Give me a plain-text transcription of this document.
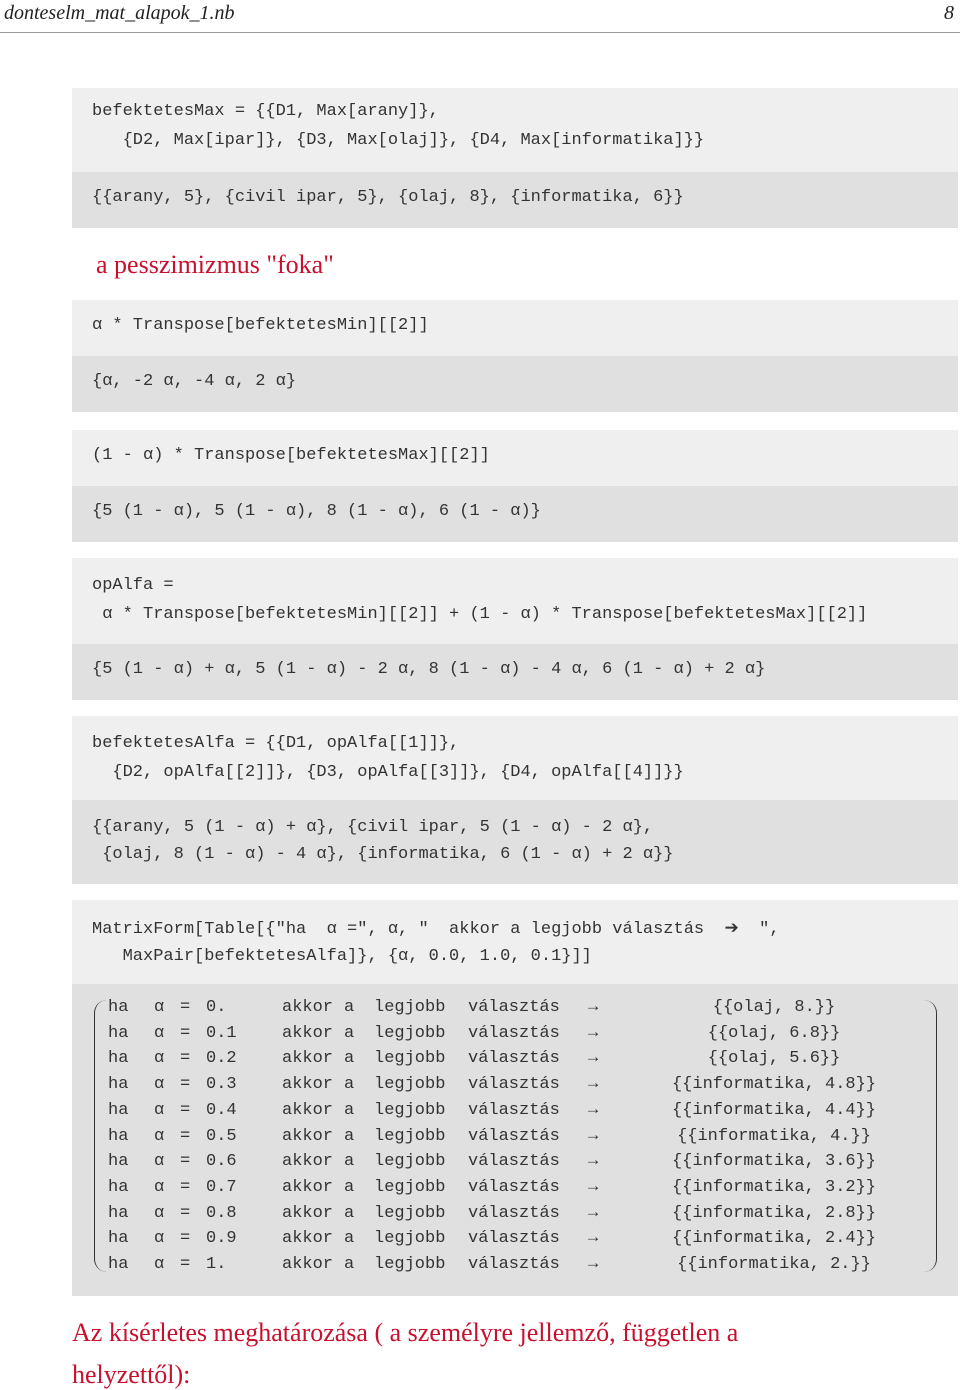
donteselm_mat_alapok_1.nb	8

befektetesMax = {{D1, Max[arany]},

{D2, Max[ipar]}, {D3, Max[olaj]}, {D4, Max[informatika]}}

{{arany, 5}, {civil ipar, 5}, {olaj, 8}, {informatika, 6}}

a pesszimizmus "foka"

α * Transpose[befektetesMin][[2]]

{α, -2 α, -4 α, 2 α}

(1 - α) * Transpose[befektetesMax][[2]]

{5 (1 - α), 5 (1 - α), 8 (1 - α), 6 (1 - α)}

opAlfa =

α * Transpose[befektetesMin][[2]] + (1 - α) * Transpose[befektetesMax][[2]]

{5 (1 - α) + α, 5 (1 - α) - 2 α, 8 (1 - α) - 4 α, 6 (1 - α) + 2 α}

befektetesAlfa = {{D1, opAlfa[[1]]},

{D2, opAlfa[[2]]}, {D3, opAlfa[[3]]}, {D4, opAlfa[[4]]}}

{{arany, 5 (1 - α) + α}, {civil ipar, 5 (1 - α) - 2 α},

{olaj, 8 (1 - α) - 4 α}, {informatika, 6 (1 - α) + 2 α}}

MatrixForm[Table[{"ha  α =", α, "  akkor a legjobb választás  ➔  ",

MaxPair[befektetesAlfa]}, {α, 0.0, 1.0, 0.1}]]

ha α = 0.	akkor a legjobb választás →	{{olaj, 8.}}
ha α = 0.1	akkor a legjobb választás →	{{olaj, 6.8}}
ha α = 0.2	akkor a legjobb választás →	{{olaj, 5.6}}
ha α = 0.3	akkor a legjobb választás →	{{informatika, 4.8}}
ha α = 0.4	akkor a legjobb választás →	{{informatika, 4.4}}
ha α = 0.5	akkor a legjobb választás →	{{informatika, 4.}}
ha α = 0.6	akkor a legjobb választás →	{{informatika, 3.6}}
ha α = 0.7	akkor a legjobb választás →	{{informatika, 3.2}}
ha α = 0.8	akkor a legjobb választás →	{{informatika, 2.8}}
ha α = 0.9	akkor a legjobb választás →	{{informatika, 2.4}}
ha α = 1.	akkor a legjobb választás →	{{informatika, 2.}}
Az kísérletes meghatározása ( a személyre jellemző, független a
helyzettől):
